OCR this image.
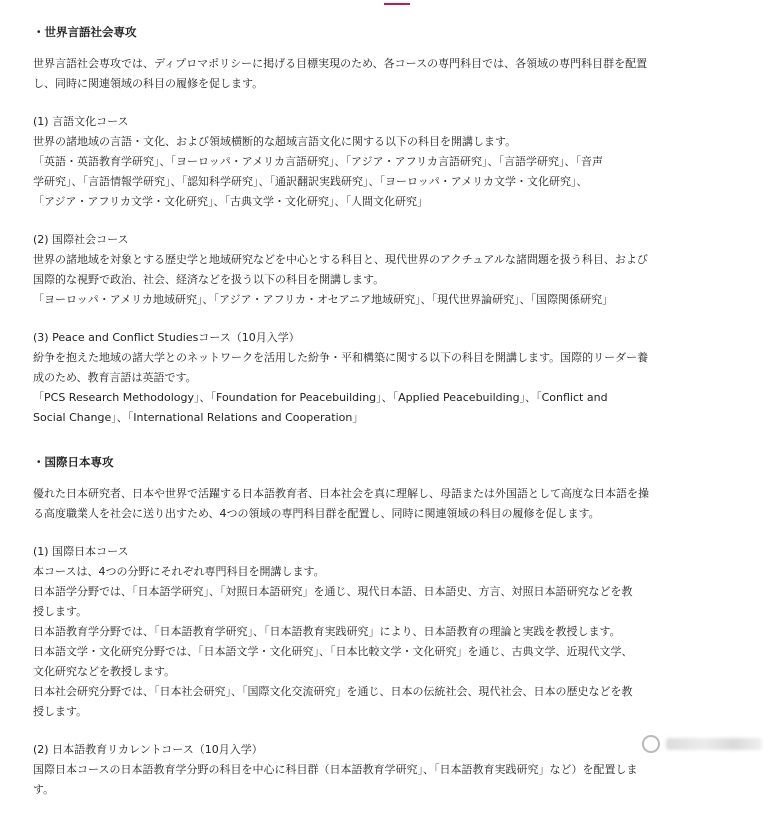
・世界言語社会専攻
世界言語社会専攻では、ディプロマポリシーに掲げる目標実現のため、各コースの専門科目では、各領域の専門科目群を配置
し、同時に関連領域の科目の履修を促します。
(1) 言語文化コース
世界の諸地域の言語・文化、および領域横断的な超域言語文化に関する以下の科目を開講します。
「英語・英語教育学研究」、「ヨーロッパ・アメリカ言語研究」、「アジア・アフリカ言語研究」、「言語学研究」、「音声
学研究」、「言語情報学研究」、「認知科学研究」、「通訳翻訳実践研究」、「ヨーロッパ・アメリカ文学・文化研究」、
「アジア・アフリカ文学・文化研究」、「古典文学・文化研究」、「人間文化研究」
(2) 国際社会コース
世界の諸地域を対象とする歴史学と地域研究などを中心とする科目と、現代世界のアクチュアルな諸問題を扱う科目、および
国際的な視野で政治、社会、経済などを扱う以下の科目を開講します。
「ヨーロッパ・アメリカ地域研究」、「アジア・アフリカ・オセアニア地域研究」、「現代世界論研究」、「国際関係研究」
(3) Peace and Conflict Studiesコース（10月入学）
紛争を抱えた地域の諸大学とのネットワークを活用した紛争・平和構築に関する以下の科目を開講します。国際的リーダー養
成のため、教育言語は英語です。
「PCS Research Methodology」、「Foundation for Peacebuilding」、「Applied Peacebuilding」、「Conflict and
Social Change」、「International Relations and Cooperation」
・国際日本専攻
優れた日本研究者、日本や世界で活躍する日本語教育者、日本社会を真に理解し、母語または外国語として高度な日本語を操
る高度職業人を社会に送り出すため、4つの領域の専門科目群を配置し、同時に関連領域の科目の履修を促します。
(1) 国際日本コース
本コースは、4つの分野にそれぞれ専門科目を開講します。
日本語学分野では、「日本語学研究」、「対照日本語研究」を通じ、現代日本語、日本語史、方言、対照日本語研究などを教
授します。
日本語教育学分野では、「日本語教育学研究」、「日本語教育実践研究」により、日本語教育の理論と実践を教授します。
日本語文学・文化研究分野では、「日本語文学・文化研究」、「日本比較文学・文化研究」を通じ、古典文学、近現代文学、
文化研究などを教授します。
日本社会研究分野では、「日本社会研究」、「国際文化交流研究」を通じ、日本の伝統社会、現代社会、日本の歴史などを教
授します。
(2) 日本語教育リカレントコース（10月入学）
国際日本コースの日本語教育学分野の科目を中心に科目群（日本語教育学研究」、「日本語教育実践研究」など）を配置しま
す。
